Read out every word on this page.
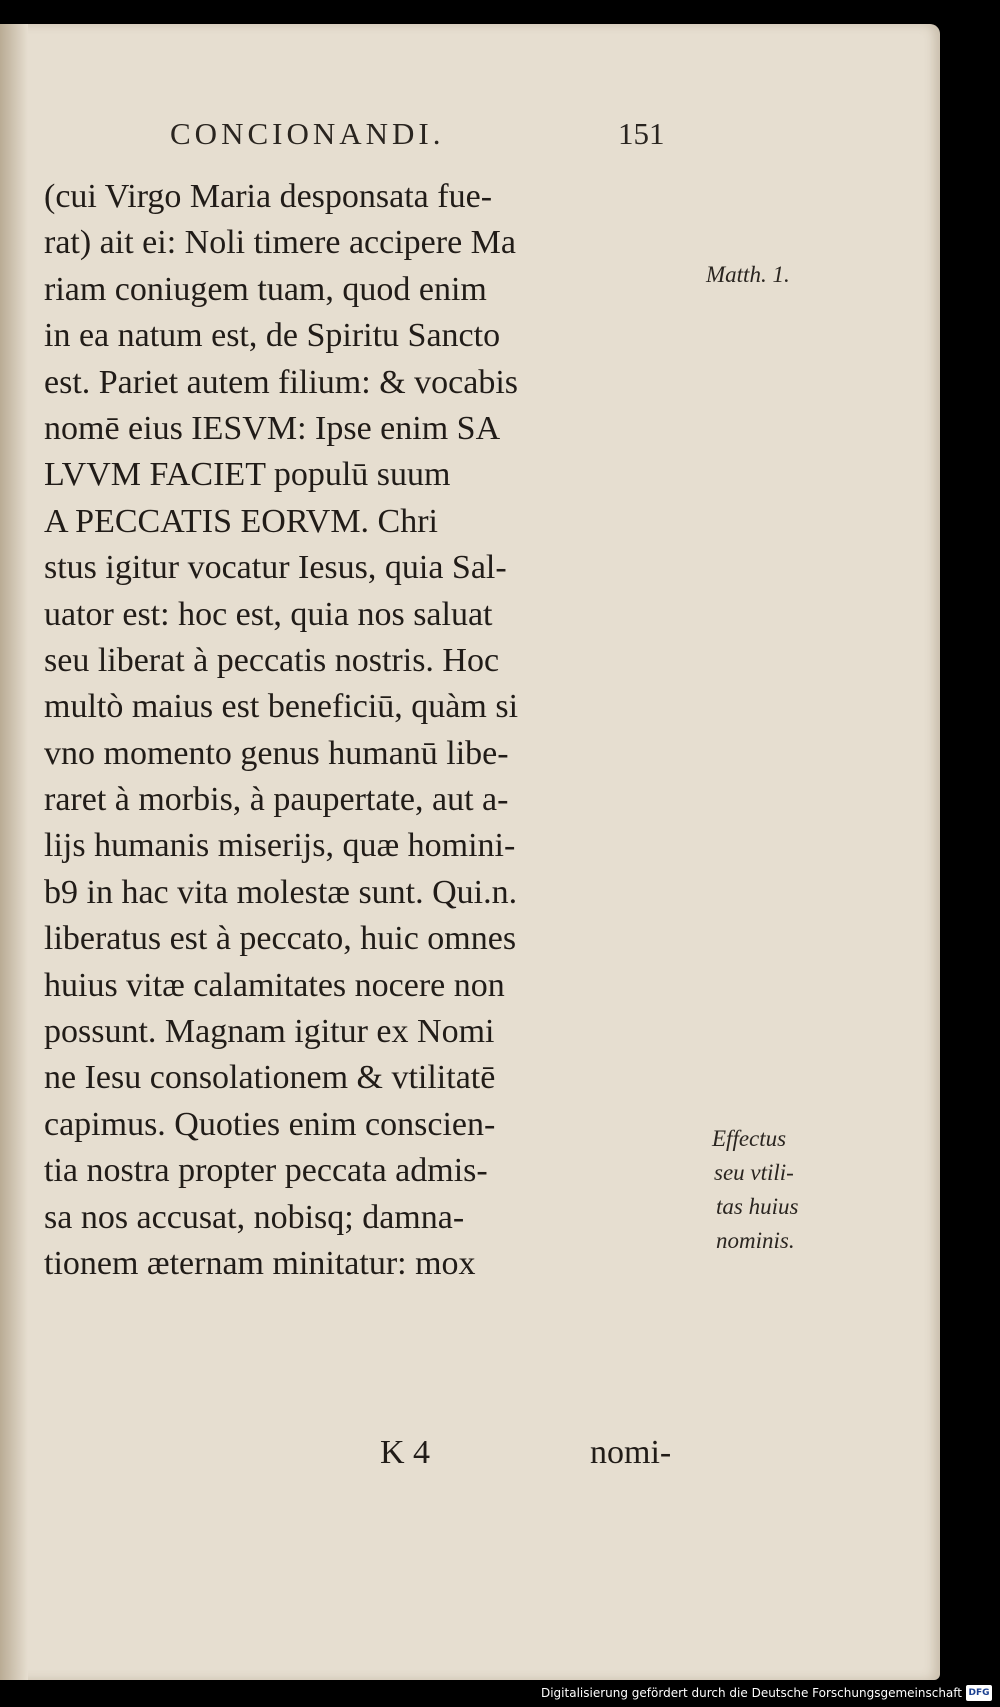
CONCIONANDI.	151
(cui Virgo Maria desponsata fue-
rat) ait ei: Noli timere accipere Ma
riam coniugem tuam, quod enim
in ea natum est, de Spiritu Sancto
est. Pariet autem filium: & vocabis
nomē eius IESVM: Ipse enim SA
LVVM FACIET populū suum
A PECCATIS EORVM. Chri
stus igitur vocatur Iesus, quia Sal-
uator est: hoc est, quia nos saluat
seu liberat à peccatis nostris. Hoc
multò maius est beneficiū, quàm si
vno momento genus humanū libe-
raret à morbis, à paupertate, aut a-
lijs humanis miserijs, quæ homini-
b9 in hac vita molestæ sunt. Qui.n.
liberatus est à peccato, huic omnes
huius vitæ calamitates nocere non
possunt. Magnam igitur ex Nomi
ne Iesu consolationem & vtilitatē
capimus. Quoties enim conscien-
tia nostra propter peccata admis-
sa nos accusat, nobisq; damna-
tionem æternam minitatur: mox
K 4	nomi-
Matth. 1.
Effectus
seu vtili-
tas huius
nominis.
Digitalisierung gefördert durch die Deutsche Forschungsgemeinschaft DFG
